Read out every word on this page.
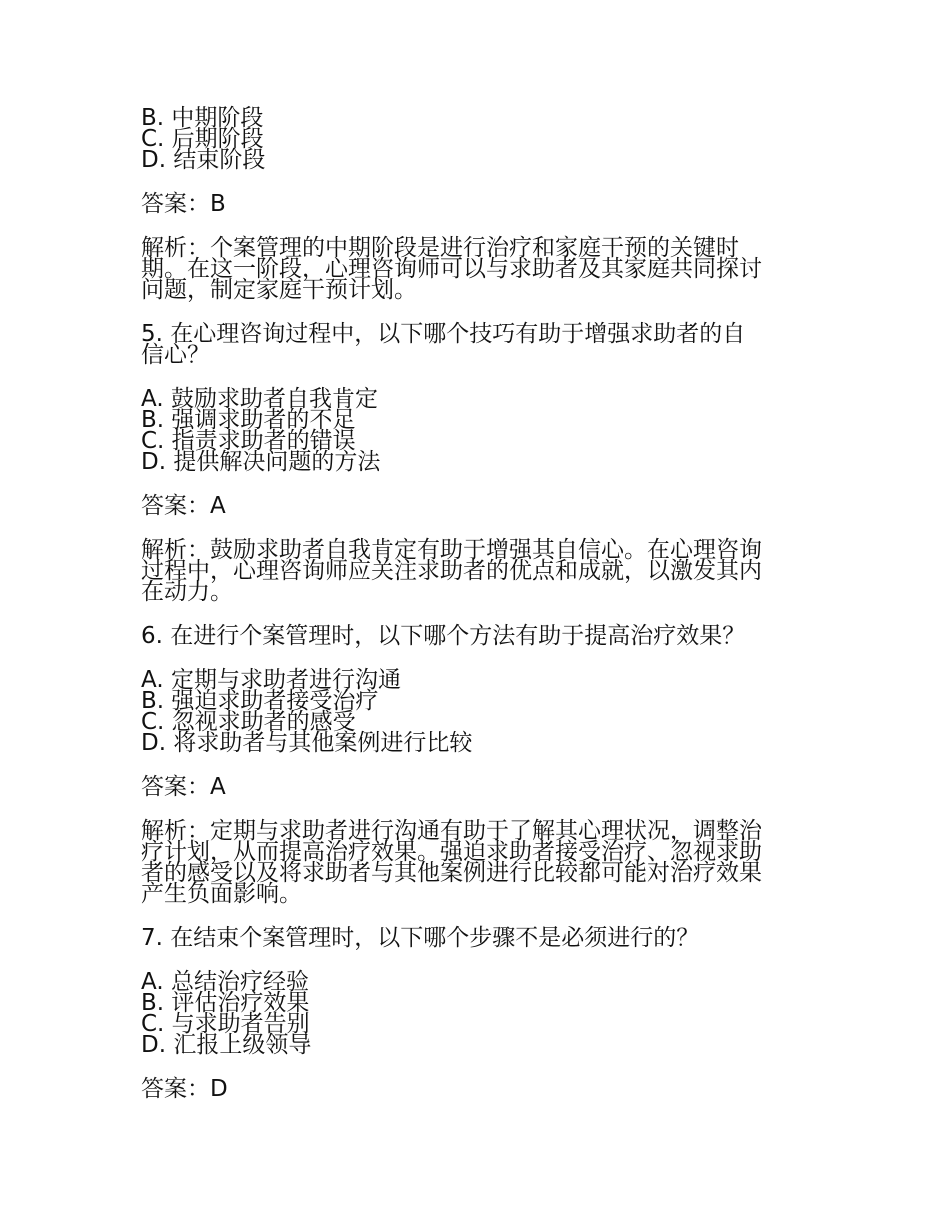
B. 中期阶段
C. 后期阶段
D. 结束阶段
答案：B
解析：个案管理的中期阶段是进行治疗和家庭干预的关键时
期。在这一阶段，心理咨询师可以与求助者及其家庭共同探讨
问题，制定家庭干预计划。
5. 在心理咨询过程中，以下哪个技巧有助于增强求助者的自
信心？
A. 鼓励求助者自我肯定
B. 强调求助者的不足
C. 指责求助者的错误
D. 提供解决问题的方法
答案：A
解析：鼓励求助者自我肯定有助于增强其自信心。在心理咨询
过程中，心理咨询师应关注求助者的优点和成就，以激发其内
在动力。
6. 在进行个案管理时，以下哪个方法有助于提高治疗效果？
A. 定期与求助者进行沟通
B. 强迫求助者接受治疗
C. 忽视求助者的感受
D. 将求助者与其他案例进行比较
答案：A
解析：定期与求助者进行沟通有助于了解其心理状况，调整治
疗计划，从而提高治疗效果。强迫求助者接受治疗、忽视求助
者的感受以及将求助者与其他案例进行比较都可能对治疗效果
产生负面影响。
7. 在结束个案管理时，以下哪个步骤不是必须进行的？
A. 总结治疗经验
B. 评估治疗效果
C. 与求助者告别
D. 汇报上级领导
答案：D
